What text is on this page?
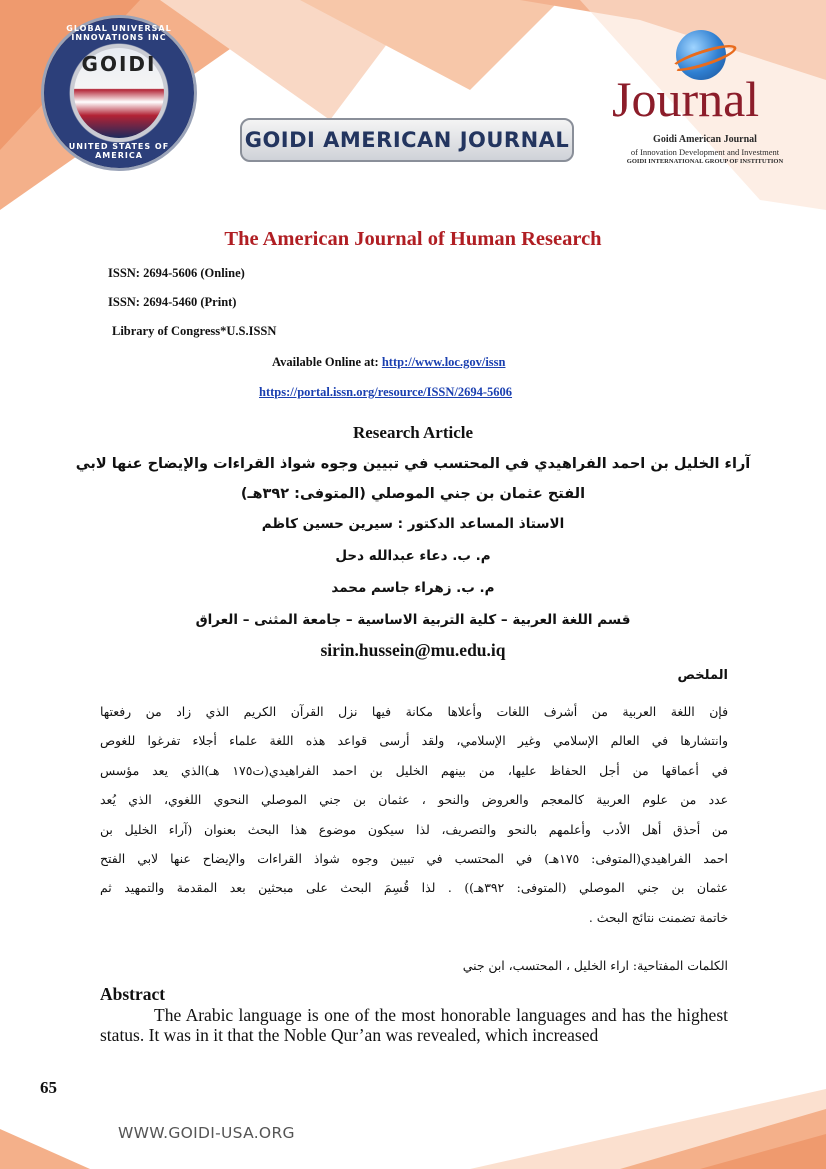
GLOBAL UNIVERSAL INNOVATIONS INC
GOIDI
UNITED STATES OF AMERICA
GOIDI AMERICAN JOURNAL
Journal
Goidi American Journal
of Innovation Development and Investment
GOIDI INTERNATIONAL GROUP OF INSTITUTION
The American Journal of Human Research
ISSN: 2694-5606 (Online)
ISSN: 2694-5460 (Print)
Library of Congress*U.S.ISSN
Available Online at: http://www.loc.gov/issn
https://portal.issn.org/resource/ISSN/2694-5606
Research Article
آراء الخليل بن احمد الفراهيدي في المحتسب في تبيين وجوه شواذ القراءات والإيضاح عنها لابي
الفتح عثمان بن جني الموصلي (المتوفى: ٣٩٢هـ)
الاستاذ المساعد الدكتور : سيرين حسين كاظم
م. ب. دعاء عبدالله دحل
م. ب. زهراء جاسم محمد
قسم اللغة العربية – كلية التربية الاساسية – جامعة المثنى – العراق
sirin.hussein@mu.edu.iq
الملخص

فإن اللغة العربية من أشرف اللغات وأعلاها مكانة فيها نزل القرآن الكريم الذي زاد من رفعتها

وانتشارها في العالم الإسلامي وغير الإسلامي، ولقد أرسى قواعد هذه اللغة علماء أجلاء تفرغوا للغوص

في أعماقها من أجل الحفاظ عليها، من بينهم الخليل بن احمد الفراهيدي(ت١٧٥ هـ)الذي يعد مؤسس

عدد من علوم العربية كالمعجم والعروض والنحو ، عثمان بن جني الموصلي النحوي اللغوي، الذي يُعد

من أحذق أهل الأدب وأعلمهم بالنحو والتصريف، لذا سيكون موضوع هذا البحث بعنوان (آراء الخليل بن

احمد الفراهيدي(المتوفى: ١٧٥هـ) في المحتسب في تبيين وجوه شواذ القراءات والإيضاح عنها لابي الفتح

عثمان بن جني الموصلي (المتوفى: ٣٩٢هـ)) . لذا قُسِمَ البحث على مبحثين بعد المقدمة والتمهيد ثم

خاتمة تضمنت نتائج البحث .

الكلمات المفتاحية: اراء الخليل ، المحتسب، ابن جني
Abstract
The Arabic language is one of the most honorable languages and has the highest status. It was in it that the Noble Qur’an was revealed, which increased
65
WWW.GOIDI-USA.ORG
